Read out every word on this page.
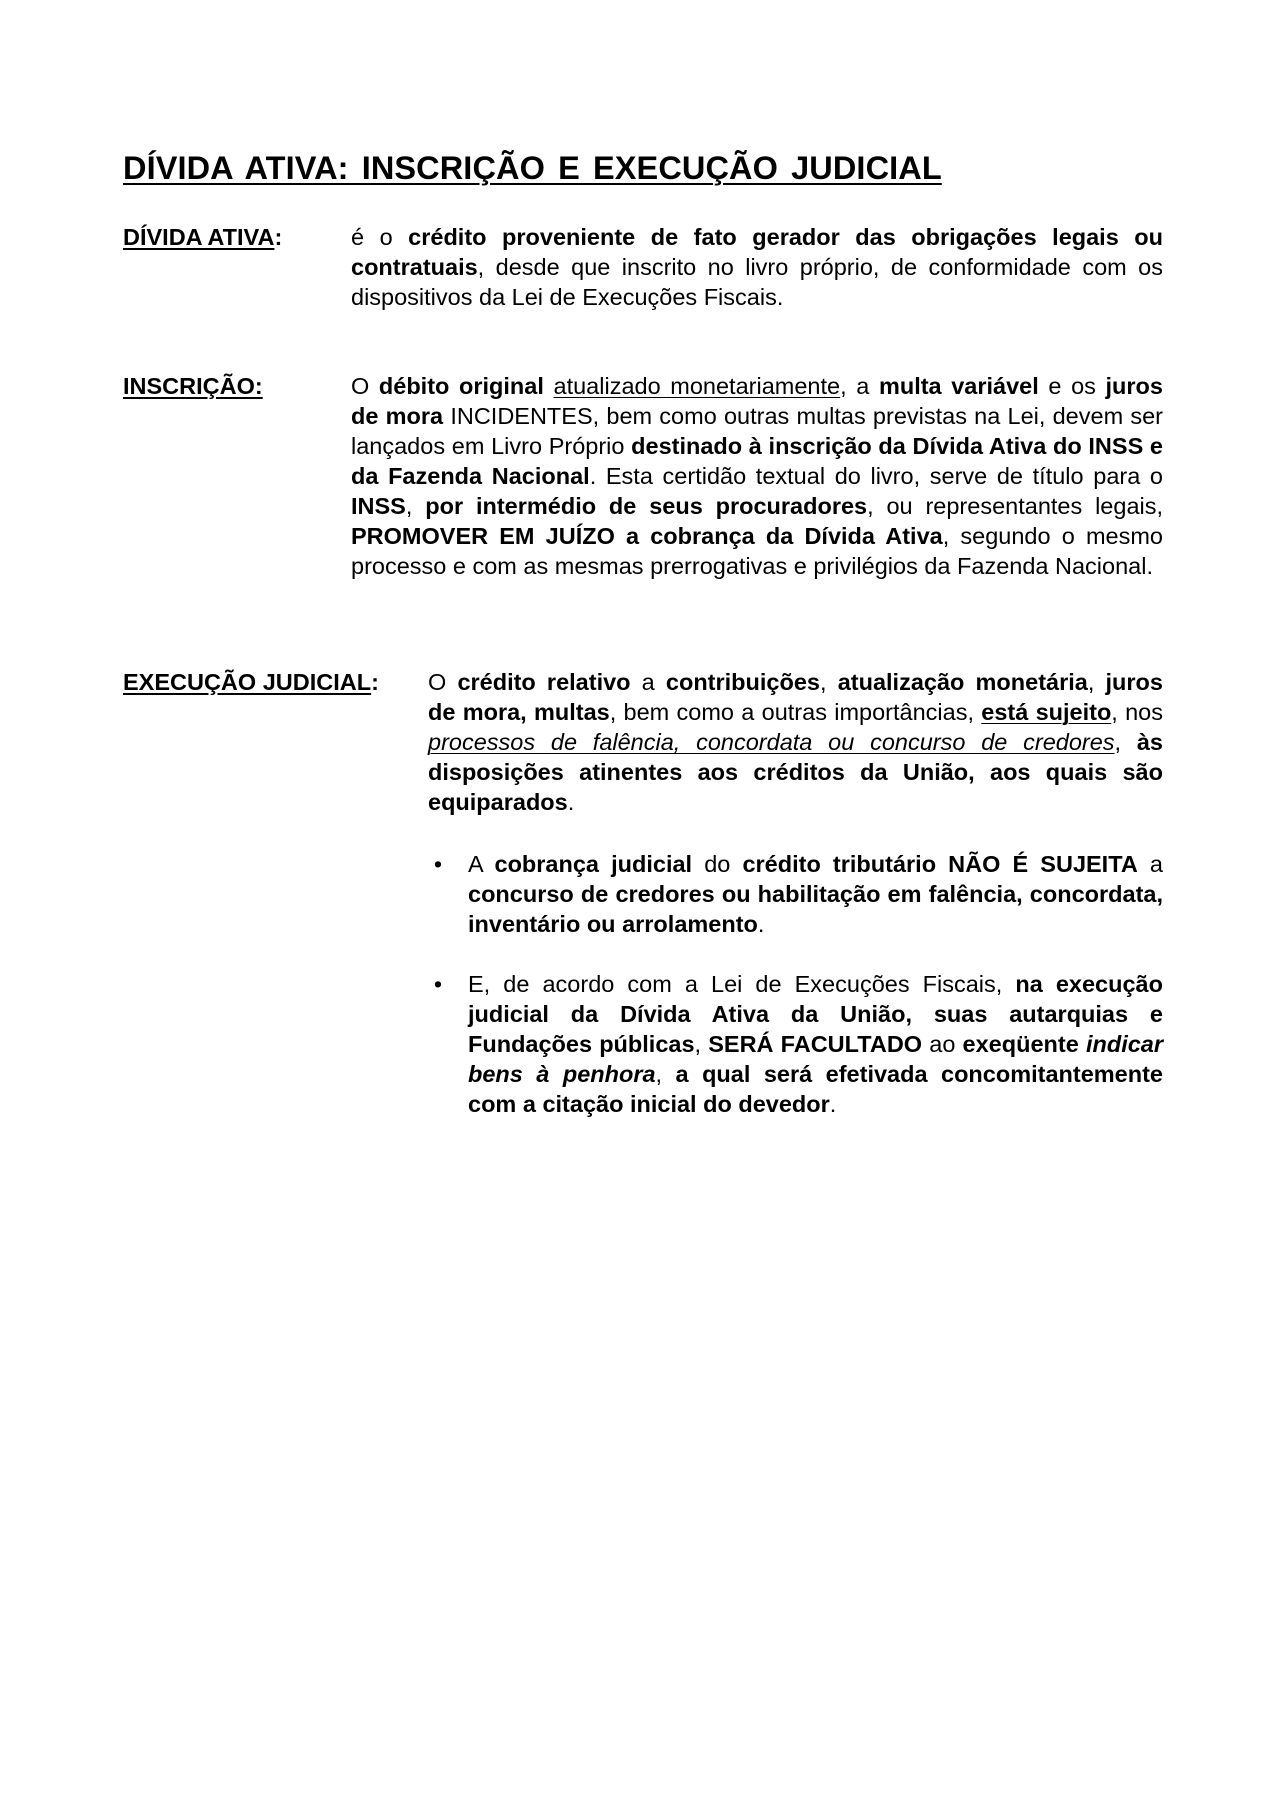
DÍVIDA ATIVA: INSCRIÇÃO E EXECUÇÃO JUDICIAL
DÍVIDA ATIVA:	é o crédito proveniente de fato gerador das obrigações legais ou contratuais, desde que inscrito no livro próprio, de conformidade com os dispositivos da Lei de Execuções Fiscais.

INSCRIÇÃO:	O débito original atualizado monetariamente, a multa variável e os juros de mora INCIDENTES, bem como outras multas previstas na Lei, devem ser lançados em Livro Próprio destinado à inscrição da Dívida Ativa do INSS e da Fazenda Nacional. Esta certidão textual do livro, serve de título para o INSS, por intermédio de seus procuradores, ou representantes legais, PROMOVER EM JUÍZO a cobrança da Dívida Ativa, segundo o mesmo processo e com as mesmas prerrogativas e privilégios da Fazenda Nacional.

EXECUÇÃO JUDICIAL: O crédito relativo a contribuições, atualização monetária, juros de mora, multas, bem como a outras importâncias, está sujeito, nos processos de falência, concordata ou concurso de credores, às disposições atinentes aos créditos da União, aos quais são equiparados.

• A cobrança judicial do crédito tributário NÃO É SUJEITA a concurso de credores ou habilitação em falência, concordata, inventário ou arrolamento.
• E, de acordo com a Lei de Execuções Fiscais, na execução judicial da Dívida Ativa da União, suas autarquias e Fundações públicas, SERÁ FACULTADO ao exeqüente indicar bens à penhora, a qual será efetivada concomitantemente com a citação inicial do devedor.
